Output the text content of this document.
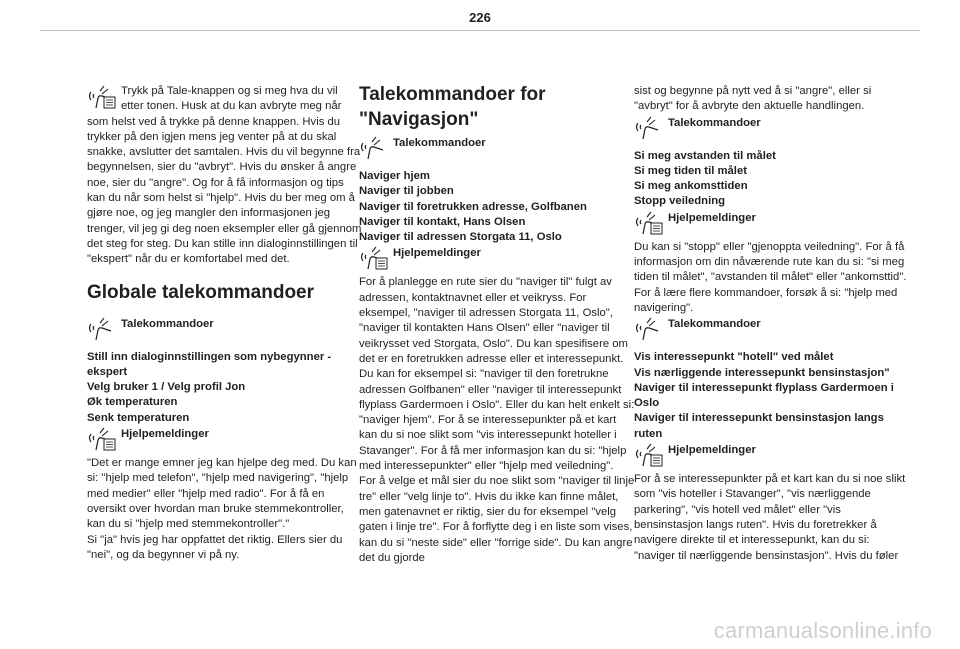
226
Trykk på Tale-knappen og si meg hva du vil etter tonen. Husk at du kan avbryte meg når som helst ved å trykke på denne knappen. Hvis du trykker på den igjen mens jeg venter på at du skal snakke, avslutter det samtalen. Hvis du vil begynne fra begynnelsen, sier du "avbryt". Hvis du ønsker å angre noe, sier du "angre". Og for å få informasjon og tips kan du når som helst si "hjelp". Hvis du ber meg om å gjøre noe, og jeg mangler den informasjonen jeg trenger, vil jeg gi deg noen eksempler eller gå gjennom det steg for steg. Du kan stille inn dialoginnstillingen til "ekspert" når du er komfortabel med det.
Globale talekommandoer
Talekommandoer

Still inn dialoginnstillingen som nybegynner - ekspert

Velg bruker 1 / Velg profil Jon

Øk temperaturen

Senk temperaturen

Hjelpemeldinger

"Det er mange emner jeg kan hjelpe deg med. Du kan si: "hjelp med telefon", "hjelp med navigering", "hjelp med medier" eller "hjelp med radio". For å få en oversikt over hvordan man bruke stemmekontroller, kan du si "hjelp med stemmekontroller"."

Si "ja" hvis jeg har oppfattet det riktig. Ellers sier du "nei", og da begynner vi på ny.

Talekommandoer for
"Navigasjon"
Talekommandoer

Naviger hjem

Naviger til jobben

Naviger til foretrukken adresse, Golfbanen

Naviger til kontakt, Hans Olsen

Naviger til adressen Storgata 11, Oslo

Hjelpemeldinger

For å planlegge en rute sier du "naviger til" fulgt av adressen, kontaktnavnet eller et veikryss. For eksempel, "naviger til adressen Storgata 11, Oslo", "naviger til kontakten Hans Olsen" eller "naviger til veikrysset ved Storgata, Oslo". Du kan spesifisere om det er en foretrukken adresse eller et interessepunkt. Du kan for eksempel si: "naviger til den foretrukne adressen Golfbanen" eller "naviger til interessepunkt flyplass Gardermoen i Oslo". Eller du kan helt enkelt si: "naviger hjem". For å se interessepunkter på et kart kan du si noe slikt som "vis interessepunkt hoteller i Stavanger". For å få mer informasjon kan du si: "hjelp med interessepunkter" eller "hjelp med veiledning".

For å velge et mål sier du noe slikt som "naviger til linje tre" eller "velg linje to". Hvis du ikke kan finne målet, men gatenavnet er riktig, sier du for eksempel "velg gaten i linje tre". For å forflytte deg i en liste som vises, kan du si "neste side" eller "forrige side". Du kan angre det du gjorde

sist og begynne på nytt ved å si "angre", eller si "avbryt" for å avbryte den aktuelle handlingen.

Talekommandoer

Si meg avstanden til målet

Si meg tiden til målet

Si meg ankomsttiden

Stopp veiledning

Hjelpemeldinger

Du kan si "stopp" eller "gjenoppta veiledning". For å få informasjon om din nåværende rute kan du si: "si meg tiden til målet", "avstanden til målet" eller "ankomsttid". For å lære flere kommandoer, forsøk å si: "hjelp med navigering".

Talekommandoer

Vis interessepunkt "hotell" ved målet

Vis nærliggende interessepunkt bensinstasjon"

Naviger til interessepunkt flyplass Gardermoen i Oslo

Naviger til interessepunkt bensinstasjon langs ruten

Hjelpemeldinger

For å se interessepunkter på et kart kan du si noe slikt som "vis hoteller i Stavanger", "vis nærliggende parkering", "vis hotell ved målet" eller "vis bensinstasjon langs ruten". Hvis du foretrekker å navigere direkte til et interessepunkt, kan du si: "naviger til nærliggende bensinstasjon". Hvis du føler

carmanualsonline.info
